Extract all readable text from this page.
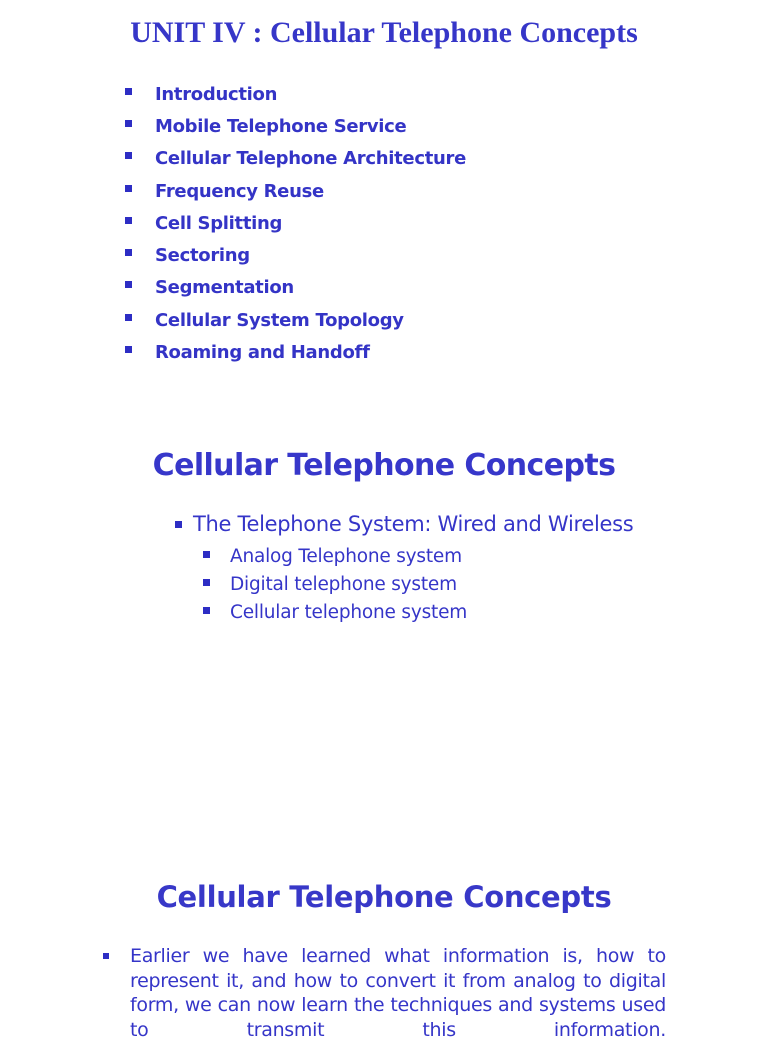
UNIT IV : Cellular Telephone Concepts
Introduction
Mobile Telephone Service
Cellular Telephone Architecture
Frequency Reuse
Cell Splitting
Sectoring
Segmentation
Cellular System Topology
Roaming and Handoff
Cellular Telephone Concepts
The Telephone System: Wired and Wireless
Analog Telephone system
Digital telephone system
Cellular telephone system
Cellular Telephone Concepts
Earlier we have learned what information is, how to represent it, and how to convert it from analog to digital form, we can now learn the techniques and systems used to transmit this information.
